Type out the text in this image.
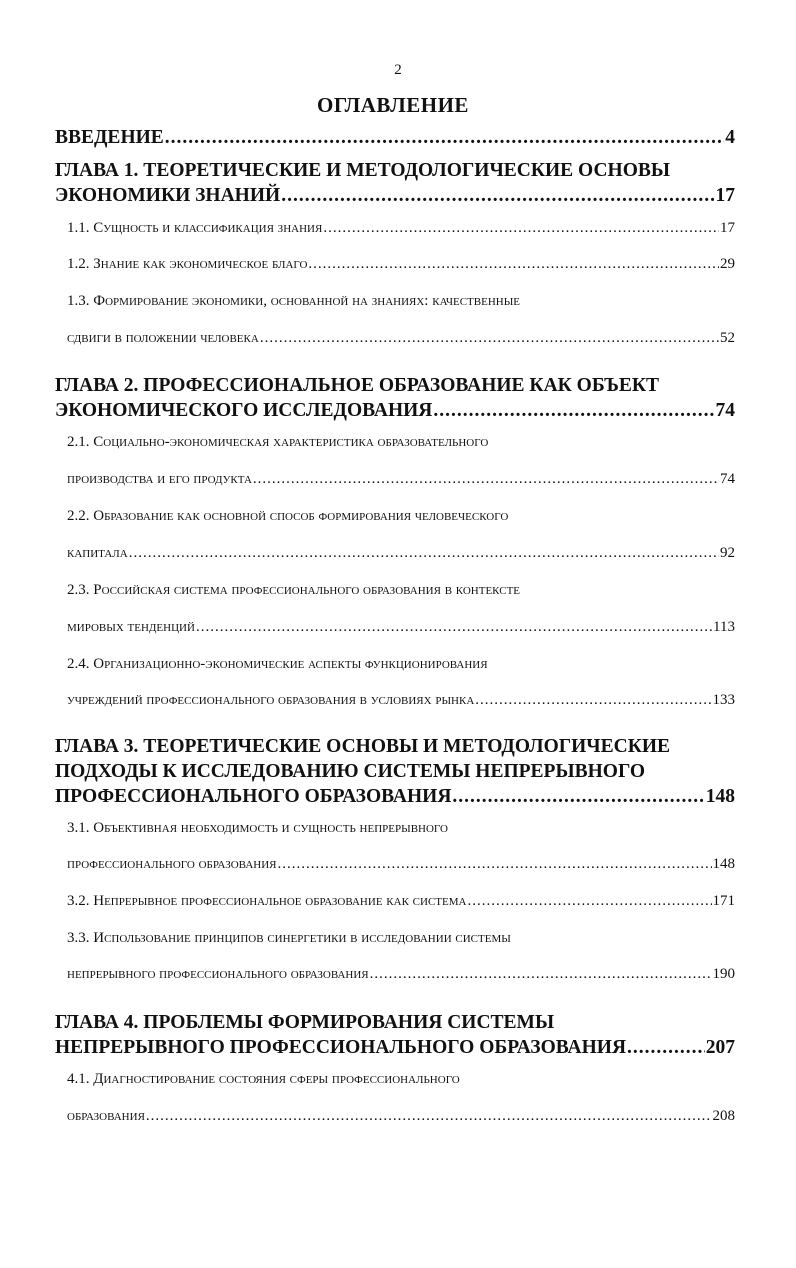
2
ОГЛАВЛЕНИЕ
ВВЕДЕНИЕ .....	4
ГЛАВА 1. ТЕОРЕТИЧЕСКИЕ И МЕТОДОЛОГИЧЕСКИЕ ОСНОВЫ
ЭКОНОМИКИ ЗНАНИЙ .....	17
1.1. Сущность и классификация знания .....	17
1.2. Знание как экономическое благо .....	29
1.3. Формирование экономики, основанной на знаниях: качественные
сдвиги в положении человека .....	52
ГЛАВА 2. ПРОФЕССИОНАЛЬНОЕ ОБРАЗОВАНИЕ КАК ОБЪЕКТ
ЭКОНОМИЧЕСКОГО ИССЛЕДОВАНИЯ .....	74
2.1. Социально-экономическая характеристика образовательного
производства и его продукта .....	74
2.2. Образование как основной способ формирования человеческого
капитала .....	92
2.3. Российская система профессионального образования в контексте
мировых тенденций .....	113
2.4. Организационно-экономические аспекты функционирования
учреждений профессионального образования в условиях рынка .....	133
ГЛАВА 3. ТЕОРЕТИЧЕСКИЕ ОСНОВЫ И МЕТОДОЛОГИЧЕСКИЕ
ПОДХОДЫ К ИССЛЕДОВАНИЮ СИСТЕМЫ НЕПРЕРЫВНОГО
ПРОФЕССИОНАЛЬНОГО ОБРАЗОВАНИЯ .....	148
3.1. Объективная необходимость и сущность непрерывного
профессионального образования .....	148
3.2. Непрерывное профессиональное образование как система .....	171
3.3. Использование принципов синергетики в исследовании системы
непрерывного профессионального образования .....	190
ГЛАВА 4. ПРОБЛЕМЫ ФОРМИРОВАНИЯ СИСТЕМЫ
НЕПРЕРЫВНОГО ПРОФЕССИОНАЛЬНОГО ОБРАЗОВАНИЯ .....	207
4.1. Диагностирование состояния сферы профессионального
образования .....	208
